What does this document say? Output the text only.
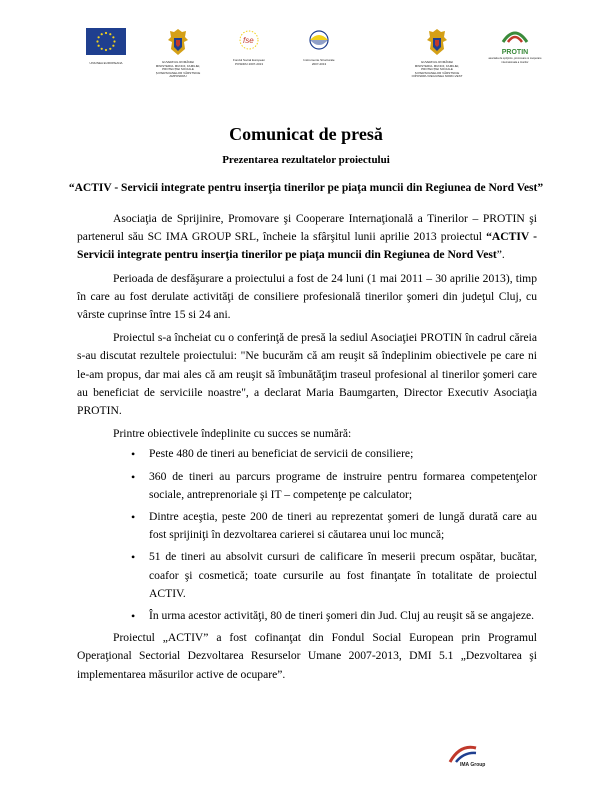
UNIUNEA EUROPEANA	GUVERNUL ROMÂNIEI
MINISTERUL MUNCII, FAMILIEI,
PROTECȚIEI SOCIALE
ȘI PERSOANELOR VÂRSTNICE
AMPOSDRU
fse
Fondul Social European
POSDRU 2007-2013
Instrumente Structurale
2007-2013	GUVERNUL ROMÂNIEI
MINISTERUL MUNCII, FAMILIEI,
PROTECȚIEI SOCIALE
ȘI PERSOANELOR VÂRSTNICE
OIPOSDRU REGIUNEA NORD-VEST
PROTIN
asociatia de sprijinire, promovare si cooperare
internationala a tinerilor
Comunicat de presă
Prezentarea rezultatelor proiectului
“ACTIV - Servicii integrate pentru inserţia tinerilor pe piaţa muncii din Regiunea de Nord Vest”

Asociaţia de Sprijinire, Promovare şi Cooperare Internaţională a Tinerilor – PROTIN şi partenerul său SC IMA GROUP SRL, încheie la sfârşitul lunii aprilie 2013 proiectul “ACTIV - Servicii integrate pentru inserţia tinerilor pe piaţa muncii din Regiunea de Nord Vest”.

Perioada de desfăşurare a proiectului a fost de 24 luni (1 mai 2011 – 30 aprilie 2013), timp în care au fost derulate activităţi de consiliere profesională tinerilor şomeri din judeţul Cluj, cu vârste cuprinse între 15 si 24 ani.

Proiectul s-a încheiat cu o conferinţă de presă la sediul Asociaţiei PROTIN în cadrul căreia s-au discutat rezultele proiectului: "Ne bucurăm că am reuşit să îndeplinim obiectivele pe care ni le-am propus, dar mai ales că am reuşit să îmbunătăţim traseul profesional al tinerilor şomeri care au beneficiat de serviciile noastre", a declarat Maria Baumgarten, Director Executiv Asociaţia PROTIN.

Printre obiectivele îndeplinite cu succes se numără:

• Peste 480 de tineri au beneficiat de servicii de consiliere;
• 360 de tineri au parcurs programe de instruire pentru formarea competenţelor sociale, antreprenoriale şi IT – competenţe pe calculator;
• Dintre aceştia, peste 200 de tineri au reprezentat şomeri de lungă durată care au fost sprijiniţi în dezvoltarea carierei si căutarea unui loc muncă;
• 51 de tineri au absolvit cursuri de calificare în meserii precum ospătar, bucătar, coafor şi cosmetică; toate cursurile au fost finanţate în totalitate de proiectul ACTIV.
• În urma acestor activităţi, 80 de tineri şomeri din Jud. Cluj au reuşit să se angajeze.

Proiectul „ACTIV” a fost cofinanţat din Fondul Social European prin Programul Operaţional Sectorial Dezvoltarea Resurselor Umane 2007-2013, DMI 5.1 „Dezvoltarea şi implementarea măsurilor active de ocupare”.

IMA Group
